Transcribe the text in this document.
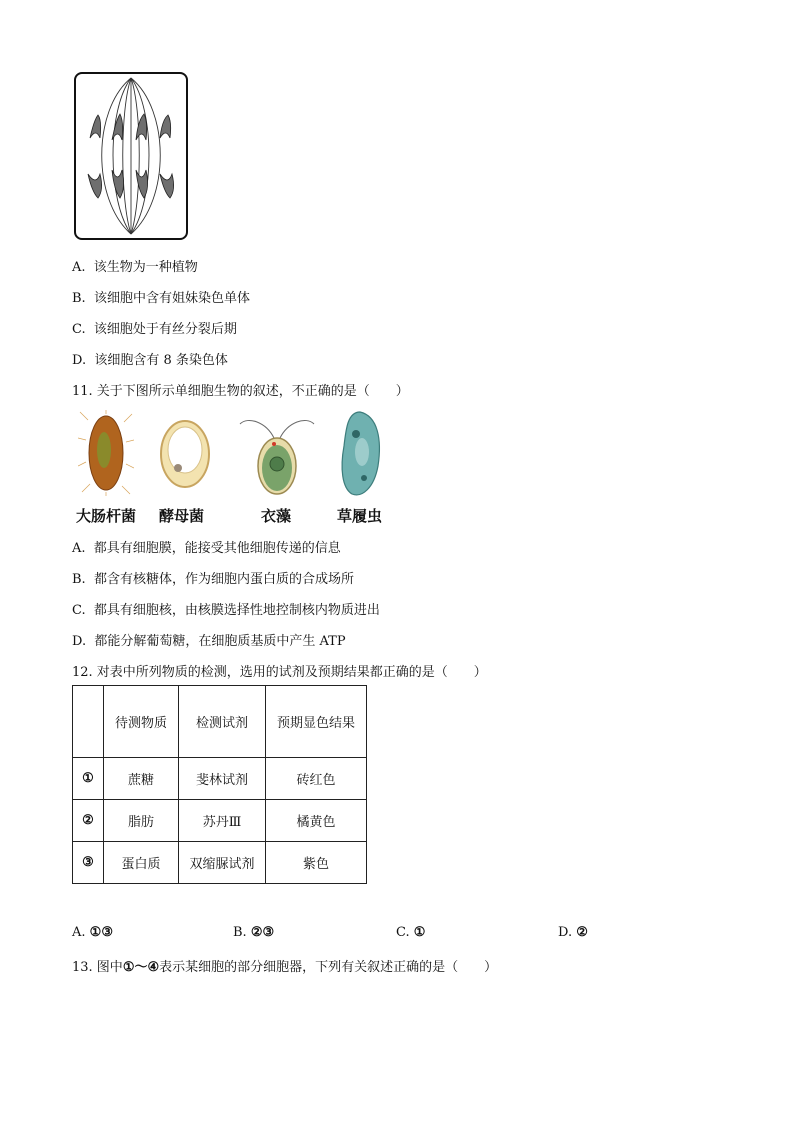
A. 该生物为一种植物
B. 该细胞中含有姐妹染色单体
C. 该细胞处于有丝分裂后期
D. 该细胞含有 8 条染色体
11. 关于下图所示单细胞生物的叙述，不正确的是（　　）
大肠杆菌 酵母菌	衣藻	草履虫
A. 都具有细胞膜，能接受其他细胞传递的信息
B. 都含有核糖体，作为细胞内蛋白质的合成场所
C. 都具有细胞核，由核膜选择性地控制核内物质进出
D. 都能分解葡萄糖，在细胞质基质中产生 ATP
12. 对表中所列物质的检测，选用的试剂及预期结果都正确的是（　　）
	待测物质	检测试剂	预期显色结果
①	蔗糖	斐林试剂	砖红色
②	脂肪	苏丹Ⅲ	橘黄色
③	蛋白质	双缩脲试剂	紫色
A. ①③	B. ②③	C. ①	D. ②
13. 图中①～④表示某细胞的部分细胞器，下列有关叙述正确的是（　　）
